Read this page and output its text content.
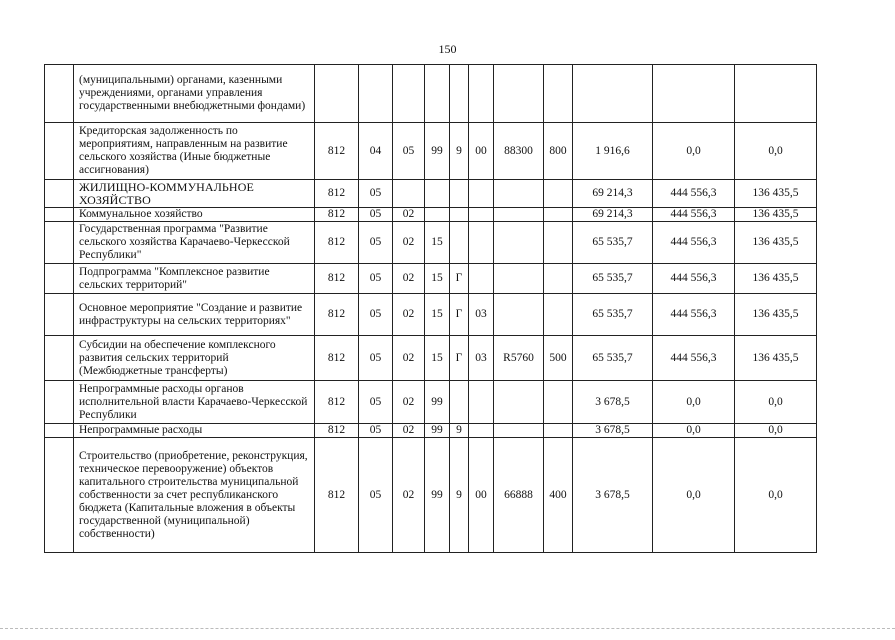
150
	(муниципальными) органами, казенными учреждениями, органами управления государственными внебюджетными фондами)											
	Кредиторская задолженность по мероприятиям, направленным на развитие сельского хозяйства (Иные бюджетные ассигнования)	812	04	05	99	9	00	88300	800	1 916,6	0,0	0,0
	ЖИЛИЩНО-КОММУНАЛЬНОЕ ХОЗЯЙСТВО	812	05							69 214,3	444 556,3	136 435,5
	Коммунальное хозяйство	812	05	02						69 214,3	444 556,3	136 435,5
	Государственная программа "Развитие сельского хозяйства Карачаево-Черкесской Республики"	812	05	02	15					65 535,7	444 556,3	136 435,5
	Подпрограмма "Комплексное развитие сельских территорий"	812	05	02	15	Г				65 535,7	444 556,3	136 435,5
	Основное мероприятие "Создание и развитие инфраструктуры на сельских территориях"	812	05	02	15	Г	03			65 535,7	444 556,3	136 435,5
	Субсидии на обеспечение комплексного развития сельских территорий (Межбюджетные трансферты)	812	05	02	15	Г	03	R5760	500	65 535,7	444 556,3	136 435,5
	Непрограммные расходы органов исполнительной власти Карачаево-Черкесской Республики	812	05	02	99					3 678,5	0,0	0,0
	Непрограммные расходы	812	05	02	99	9				3 678,5	0,0	0,0
	Строительство (приобретение, реконструкция, техническое перевооружение) объектов капитального строительства муниципальной собственности за счет республиканского бюджета (Капитальные вложения в объекты государственной (муниципальной) собственности)	812	05	02	99	9	00	66888	400	3 678,5	0,0	0,0
